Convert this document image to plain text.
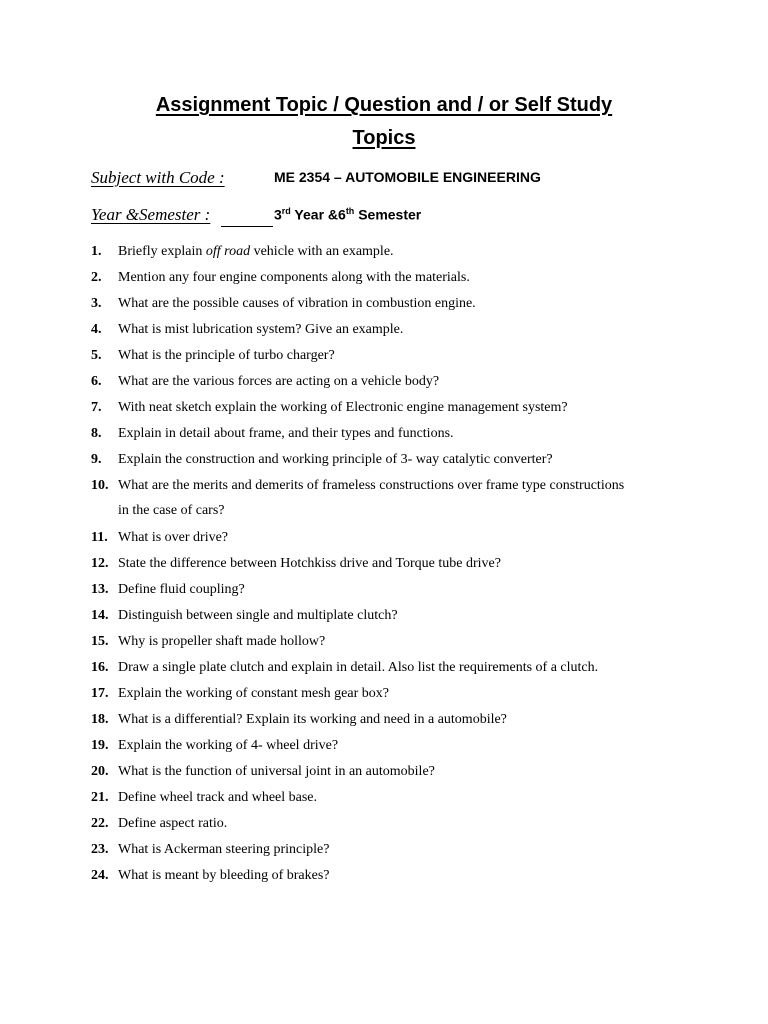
Assignment Topic / Question and / or Self Study
Topics
Subject with Code :	ME 2354 – AUTOMOBILE ENGINEERING
Year &Semester :	3rd Year &6th Semester
1.	Briefly explain off road vehicle with an example.
2.	Mention any four engine components along with the materials.
3.	What are the possible causes of vibration in combustion engine.
4.	What is mist lubrication system? Give an example.
5.	What is the principle of turbo charger?
6.	What are the various forces are acting on a vehicle body?
7.	With neat sketch explain the working of Electronic engine management system?
8.	Explain in detail about frame, and their types and functions.
9.	Explain the construction and working principle of 3- way catalytic converter?
10. What are the merits and demerits of frameless constructions over frame type constructions
in the case of cars?
11. What is over drive?
12. State the difference between Hotchkiss drive and Torque tube drive?
13. Define fluid coupling?
14. Distinguish between single and multiplate clutch?
15. Why is propeller shaft made hollow?
16. Draw a single plate clutch and explain in detail. Also list the requirements of a clutch.
17. Explain the working of constant mesh gear box?
18. What is a differential? Explain its working and need in a automobile?
19. Explain the working of 4- wheel drive?
20. What is the function of universal joint in an automobile?
21. Define wheel track and wheel base.
22. Define aspect ratio.
23. What is Ackerman steering principle?
24. What is meant by bleeding of brakes?
